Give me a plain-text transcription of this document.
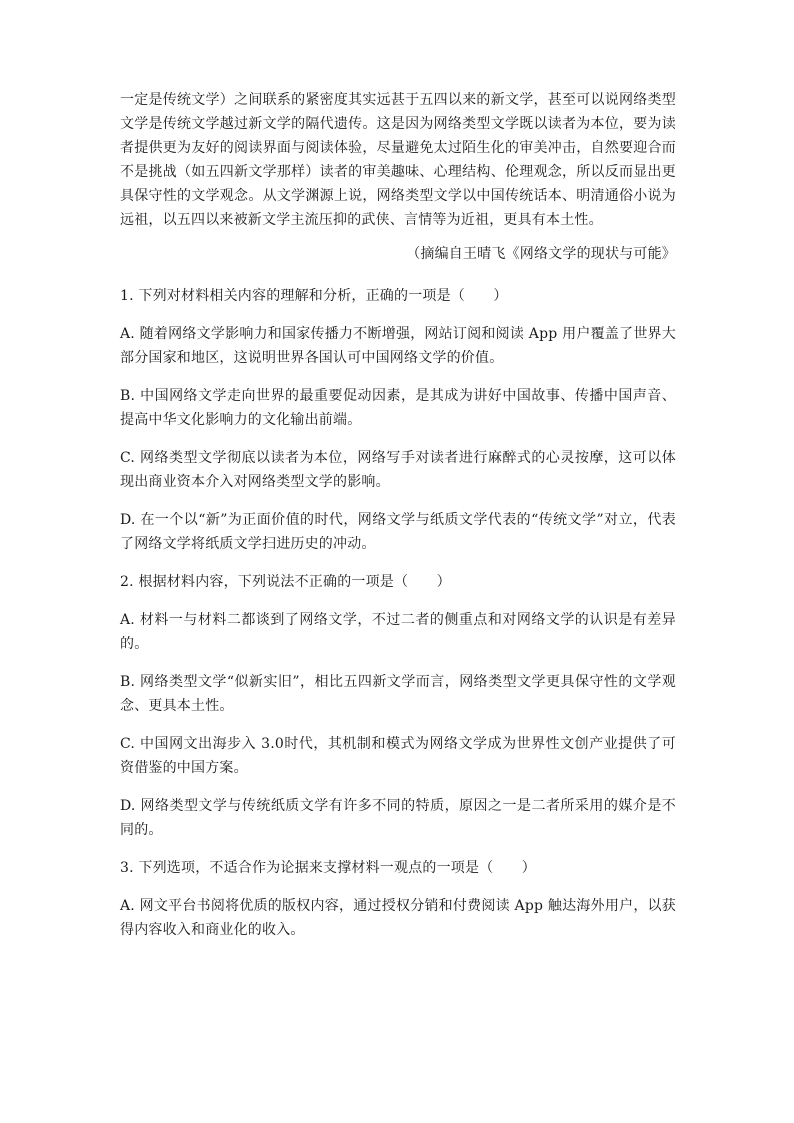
一定是传统文学）之间联系的紧密度其实远甚于五四以来的新文学，甚至可以说网络类型文学是传统文学越过新文学的隔代遗传。这是因为网络类型文学既以读者为本位，要为读者提供更为友好的阅读界面与阅读体验，尽量避免太过陌生化的审美冲击，自然要迎合而不是挑战（如五四新文学那样）读者的审美趣味、心理结构、伦理观念，所以反而显出更具保守性的文学观念。从文学渊源上说，网络类型文学以中国传统话本、明清通俗小说为远祖，以五四以来被新文学主流压抑的武侠、言情等为近祖，更具有本土性。

（摘编自王晴飞《网络文学的现状与可能》

1. 下列对材料相关内容的理解和分析，正确的一项是（　　）

A. 随着网络文学影响力和国家传播力不断增强，网站订阅和阅读 App 用户覆盖了世界大部分国家和地区，这说明世界各国认可中国网络文学的价值。

B. 中国网络文学走向世界的最重要促动因素，是其成为讲好中国故事、传播中国声音、提高中华文化影响力的文化输出前端。

C. 网络类型文学彻底以读者为本位，网络写手对读者进行麻醉式的心灵按摩，这可以体现出商业资本介入对网络类型文学的影响。

D. 在一个以“新”为正面价值的时代，网络文学与纸质文学代表的“传统文学”对立，代表了网络文学将纸质文学扫进历史的冲动。

2. 根据材料内容，下列说法不正确的一项是（　　）

A. 材料一与材料二都谈到了网络文学，不过二者的侧重点和对网络文学的认识是有差异的。

B. 网络类型文学“似新实旧”，相比五四新文学而言，网络类型文学更具保守性的文学观念、更具本土性。

C. 中国网文出海步入 3.0时代，其机制和模式为网络文学成为世界性文创产业提供了可资借鉴的中国方案。

D. 网络类型文学与传统纸质文学有许多不同的特质，原因之一是二者所采用的媒介是不同的。

3. 下列选项，不适合作为论据来支撑材料一观点的一项是（　　）

A. 网文平台书阅将优质的版权内容，通过授权分销和付费阅读 App 触达海外用户，以获得内容收入和商业化的收入。
